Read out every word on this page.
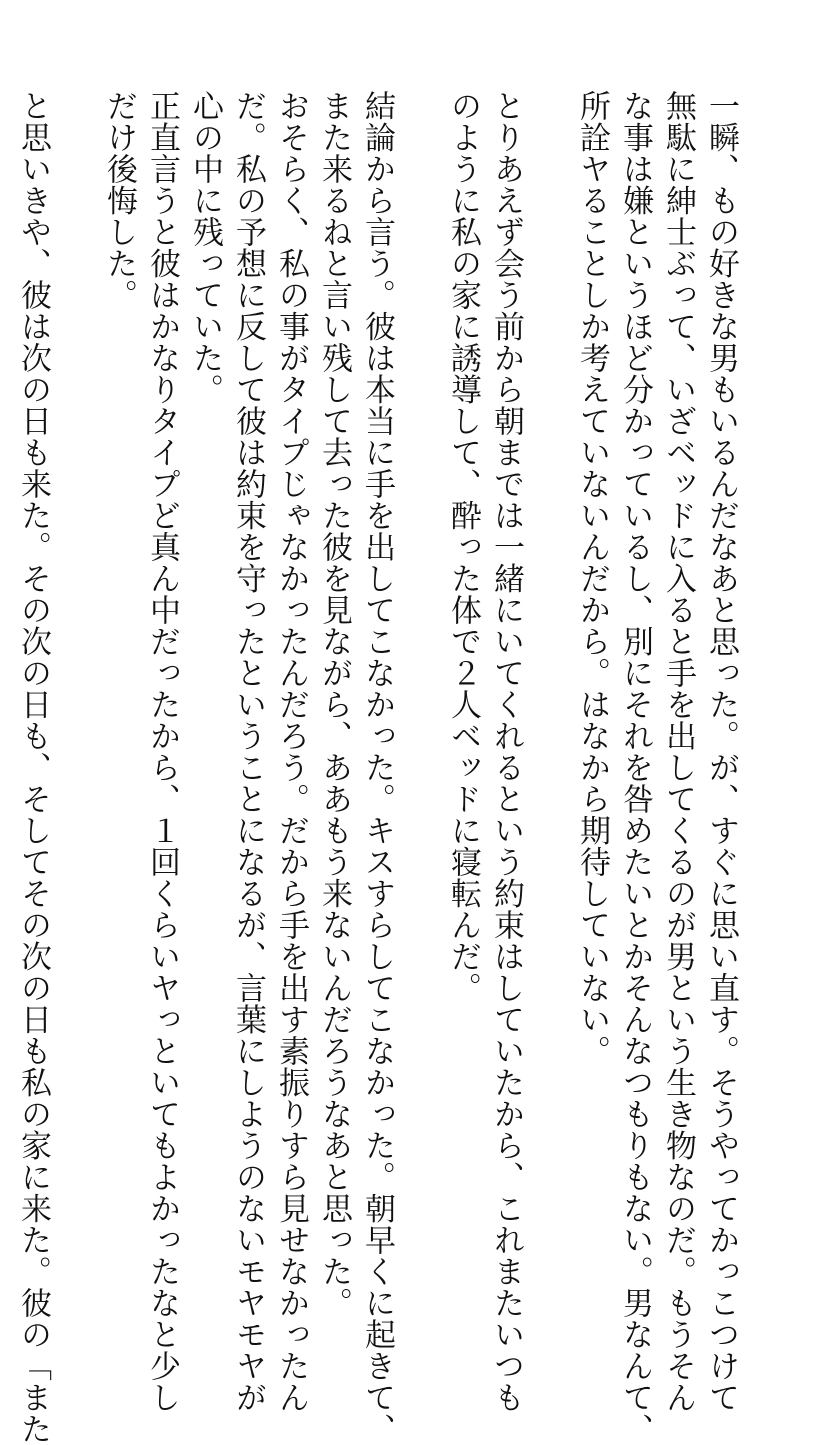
一瞬、もの好きな男もいるんだなあと思った。が、すぐに思い直す。そうやってかっこつけて
無駄に紳士ぶって、いざベッドに入ると手を出してくるのが男という生き物なのだ。もうそん
な事は嫌というほど分かっているし、別にそれを咎めたいとかそんなつもりもない。男なんて、
所詮ヤることしか考えていないんだから。はなから期待していない。

とりあえず会う前から朝までは一緒にいてくれるという約束はしていたから、これまたいつも
のように私の家に誘導して、酔った体で２人ベッドに寝転んだ。

結論から言う。彼は本当に手を出してこなかった。キスすらしてこなかった。朝早くに起きて、
また来るねと言い残して去った彼を見ながら、ああもう来ないんだろうなあと思った。
おそらく、私の事がタイプじゃなかったんだろう。だから手を出す素振りすら見せなかったん
だ。私の予想に反して彼は約束を守ったということになるが、言葉にしようのないモヤモヤが
心の中に残っていた。
正直言うと彼はかなりタイプど真ん中だったから、１回くらいヤっといてもよかったなと少し
だけ後悔した。

と思いきや、彼は次の日も来た。その次の日も、そしてその次の日も私の家に来た。彼の「また
